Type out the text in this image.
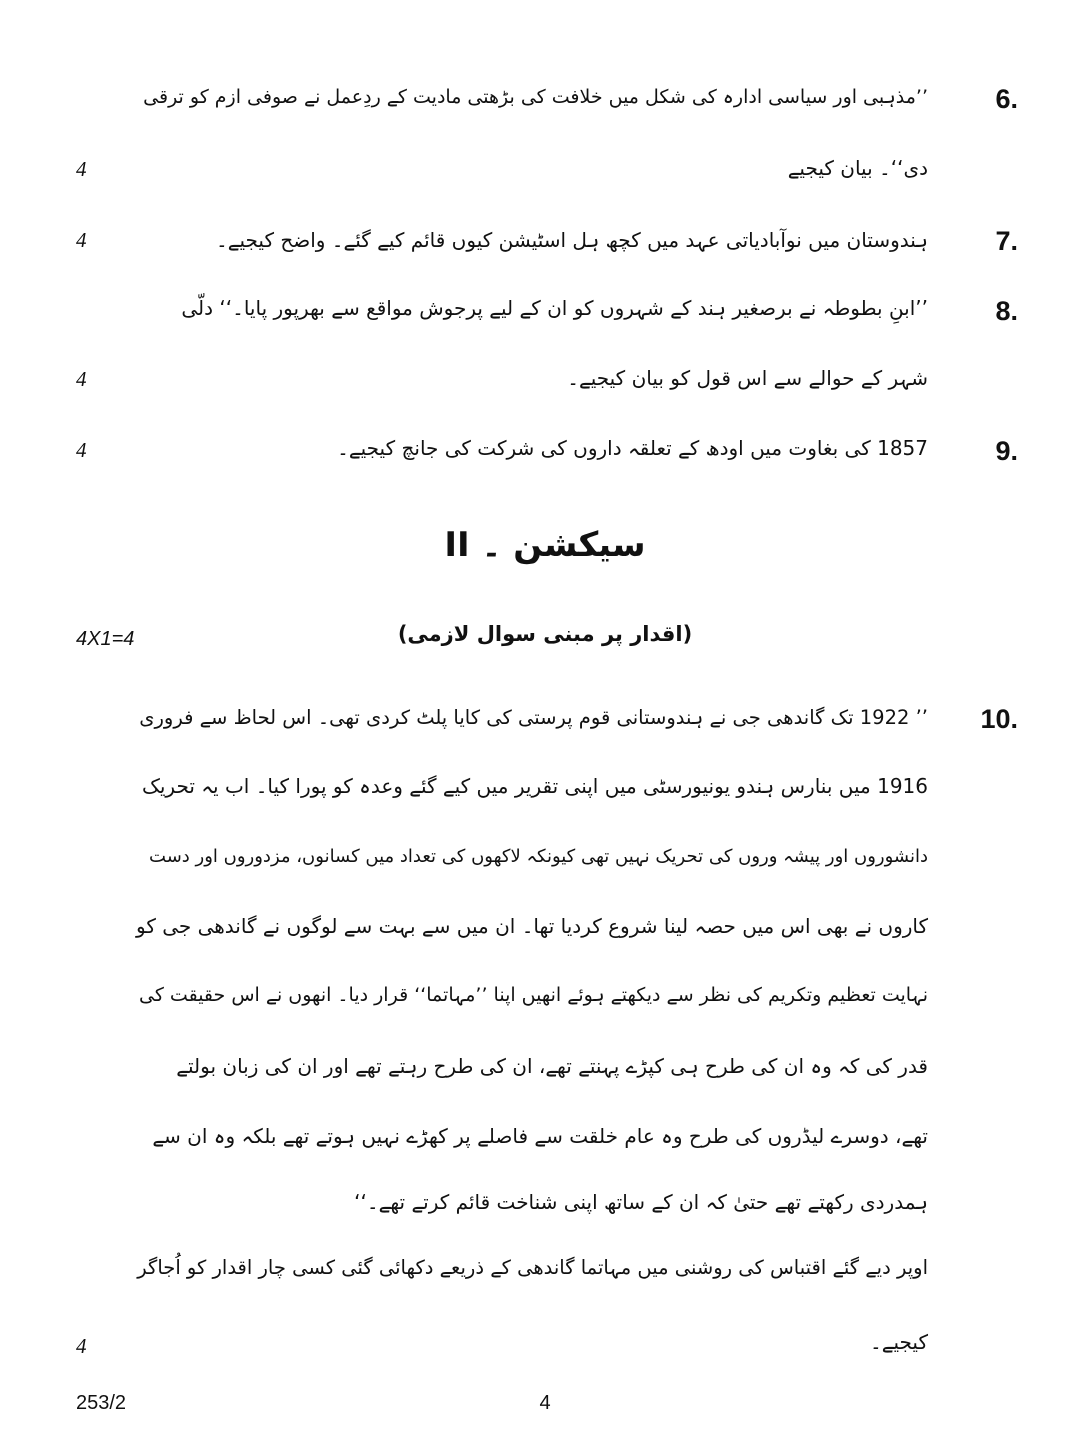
6.
’’مذہبی اور سیاسی ادارہ کی شکل میں خلافت کی بڑھتی مادیت کے ردِعمل نے صوفی ازم کو ترقی
دی‘‘۔ بیان کیجیے
4
7.
ہندوستان میں نوآبادیاتی عہد میں کچھ ہل اسٹیشن کیوں قائم کیے گئے۔ واضح کیجیے۔
4
8.
’’ابنِ بطوطہ نے برصغیر ہند کے شہروں کو ان کے لیے پرجوش مواقع سے بھرپور پایا۔‘‘ دلّی
شہر کے حوالے سے اس قول کو بیان کیجیے۔
4
9.
1857 کی بغاوت میں اودھ کے تعلقہ داروں کی شرکت کی جانچ کیجیے۔
4
سیکشن ۔ II
(اقدار پر مبنی سوال لازمی)
4X1=4
10.
’’ 1922 تک گاندھی جی نے ہندوستانی قوم پرستی کی کایا پلٹ کردی تھی۔ اس لحاظ سے فروری
1916 میں بنارس ہندو یونیورسٹی میں اپنی تقریر میں کیے گئے وعدہ کو پورا کیا۔ اب یہ تحریک
دانشوروں اور پیشہ وروں کی تحریک نہیں تھی کیونکہ لاکھوں کی تعداد میں کسانوں، مزدوروں اور دست
کاروں نے بھی اس میں حصہ لینا شروع کردیا تھا۔ ان میں سے بہت سے لوگوں نے گاندھی جی کو
نہایت تعظیم وتکریم کی نظر سے دیکھتے ہوئے انھیں اپنا ’’مہاتما‘‘ قرار دیا۔ انھوں نے اس حقیقت کی
قدر کی کہ وہ ان کی طرح ہی کپڑے پہنتے تھے، ان کی طرح رہتے تھے اور ان کی زبان بولتے
تھے، دوسرے لیڈروں کی طرح وہ عام خلقت سے فاصلے پر کھڑے نہیں ہوتے تھے بلکہ وہ ان سے
ہمدردی رکھتے تھے حتیٰ کہ ان کے ساتھ اپنی شناخت قائم کرتے تھے۔‘‘
اوپر دیے گئے اقتباس کی روشنی میں مہاتما گاندھی کے ذریعے دکھائی گئی کسی چار اقدار کو اُجاگر
کیجیے۔
4
253/2	4
